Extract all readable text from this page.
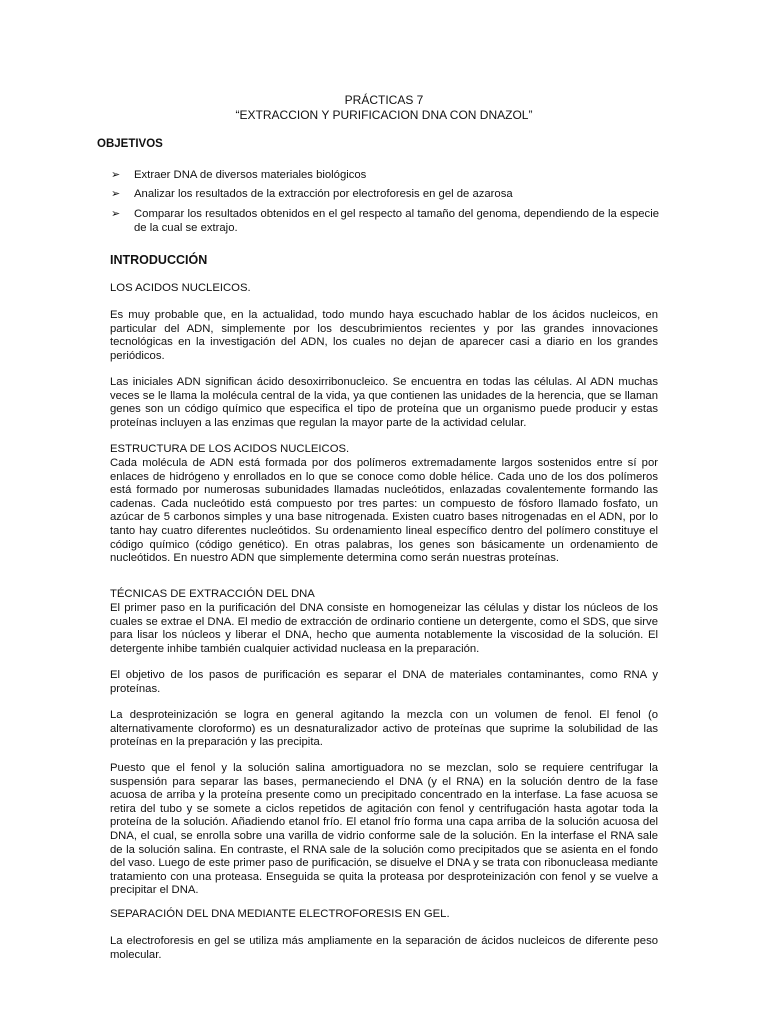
PRÁCTICAS 7
“EXTRACCION Y PURIFICACION DNA CON DNAZOL”
OBJETIVOS
➢ Extraer DNA de diversos materiales biológicos
➢ Analizar los resultados de la extracción por electroforesis en gel de azarosa
➢ Comparar los resultados obtenidos en el gel respecto al tamaño del genoma, dependiendo de la especie de la cual se extrajo.
INTRODUCCIÓN

LOS ACIDOS NUCLEICOS.

Es muy probable que, en la actualidad, todo mundo haya escuchado hablar de los ácidos nucleicos, en particular del ADN, simplemente por los descubrimientos recientes y por las grandes innovaciones tecnológicas en la investigación del ADN, los cuales no dejan de aparecer casi a diario en los grandes periódicos.

Las iniciales ADN significan ácido desoxirribonucleico. Se encuentra en todas las células. Al ADN muchas veces se le llama la molécula central de la vida, ya que contienen las unidades de la herencia, que se llaman genes son un código químico que especifica el tipo de proteína que un organismo puede producir y estas proteínas incluyen a las enzimas que regulan la mayor parte de la actividad celular.

ESTRUCTURA DE LOS ACIDOS NUCLEICOS.

Cada molécula de ADN está formada por dos polímeros extremadamente largos sostenidos entre sí por enlaces de hidrógeno y enrollados en lo que se conoce como doble hélice. Cada uno de los dos polímeros está formado por numerosas subunidades llamadas nucleótidos, enlazadas covalentemente formando las cadenas. Cada nucleótido está compuesto por tres partes: un compuesto de fósforo llamado fosfato, un azúcar de 5 carbonos simples y una base nitrogenada. Existen cuatro bases nitrogenadas en el ADN, por lo tanto hay cuatro diferentes nucleótidos. Su ordenamiento lineal específico dentro del polímero constituye el código químico (código genético). En otras palabras, los genes son básicamente un ordenamiento de nucleótidos. En nuestro ADN que simplemente determina como serán nuestras proteínas.

TÉCNICAS DE EXTRACCIÓN DEL DNA

El primer paso en la purificación del DNA consiste en homogeneizar las células y distar los núcleos de los cuales se extrae el DNA. El medio de extracción de ordinario contiene un detergente, como el SDS, que sirve para lisar los núcleos y liberar el DNA, hecho que aumenta notablemente la viscosidad de la solución. El detergente inhibe también cualquier actividad nucleasa en la preparación.

El objetivo de los pasos de purificación es separar el DNA de materiales contaminantes, como RNA y proteínas.

La desproteinización se logra en general agitando la mezcla con un volumen de fenol. El fenol (o alternativamente cloroformo) es un desnaturalizador activo de proteínas que suprime la solubilidad de las proteínas en la preparación y las precipita.

Puesto que el fenol y la solución salina amortiguadora no se mezclan, solo se requiere centrifugar la suspensión para separar las bases, permaneciendo el DNA (y el RNA) en la solución dentro de la fase acuosa de arriba y la proteína presente como un precipitado concentrado en la interfase. La fase acuosa se retira del tubo y se somete a ciclos repetidos de agitación con fenol y centrifugación hasta agotar toda la proteína de la solución. Añadiendo etanol frío. El etanol frío forma una capa arriba de la solución acuosa del DNA, el cual, se enrolla sobre una varilla de vidrio conforme sale de la solución. En la interfase el RNA sale de la solución salina. En contraste, el RNA sale de la solución como precipitados que se asienta en el fondo del vaso. Luego de este primer paso de purificación, se disuelve el DNA y se trata con ribonucleasa mediante tratamiento con una proteasa. Enseguida se quita la proteasa por desproteinización con fenol y se vuelve a precipitar el DNA.

SEPARACIÓN DEL DNA MEDIANTE ELECTROFORESIS EN GEL.

La electroforesis en gel se utiliza más ampliamente en la separación de ácidos nucleicos de diferente peso molecular.
